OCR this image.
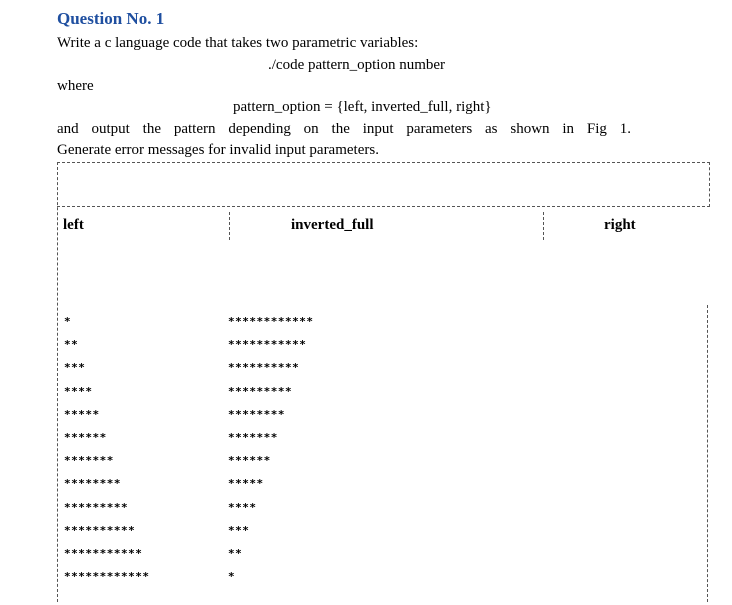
Question No. 1
Write a c language code that takes two parametric variables:
./code pattern_option number
where
pattern_option = {left, inverted_full, right}
and output the pattern depending on the input parameters as shown in Fig 1.
Generate error messages for invalid input parameters.
left	inverted_full	right
*
**
***
****
*****
******
*******
********
*********
**********
***********
************
************
***********
**********
*********
********
*******
******
*****
****
***
**
*
